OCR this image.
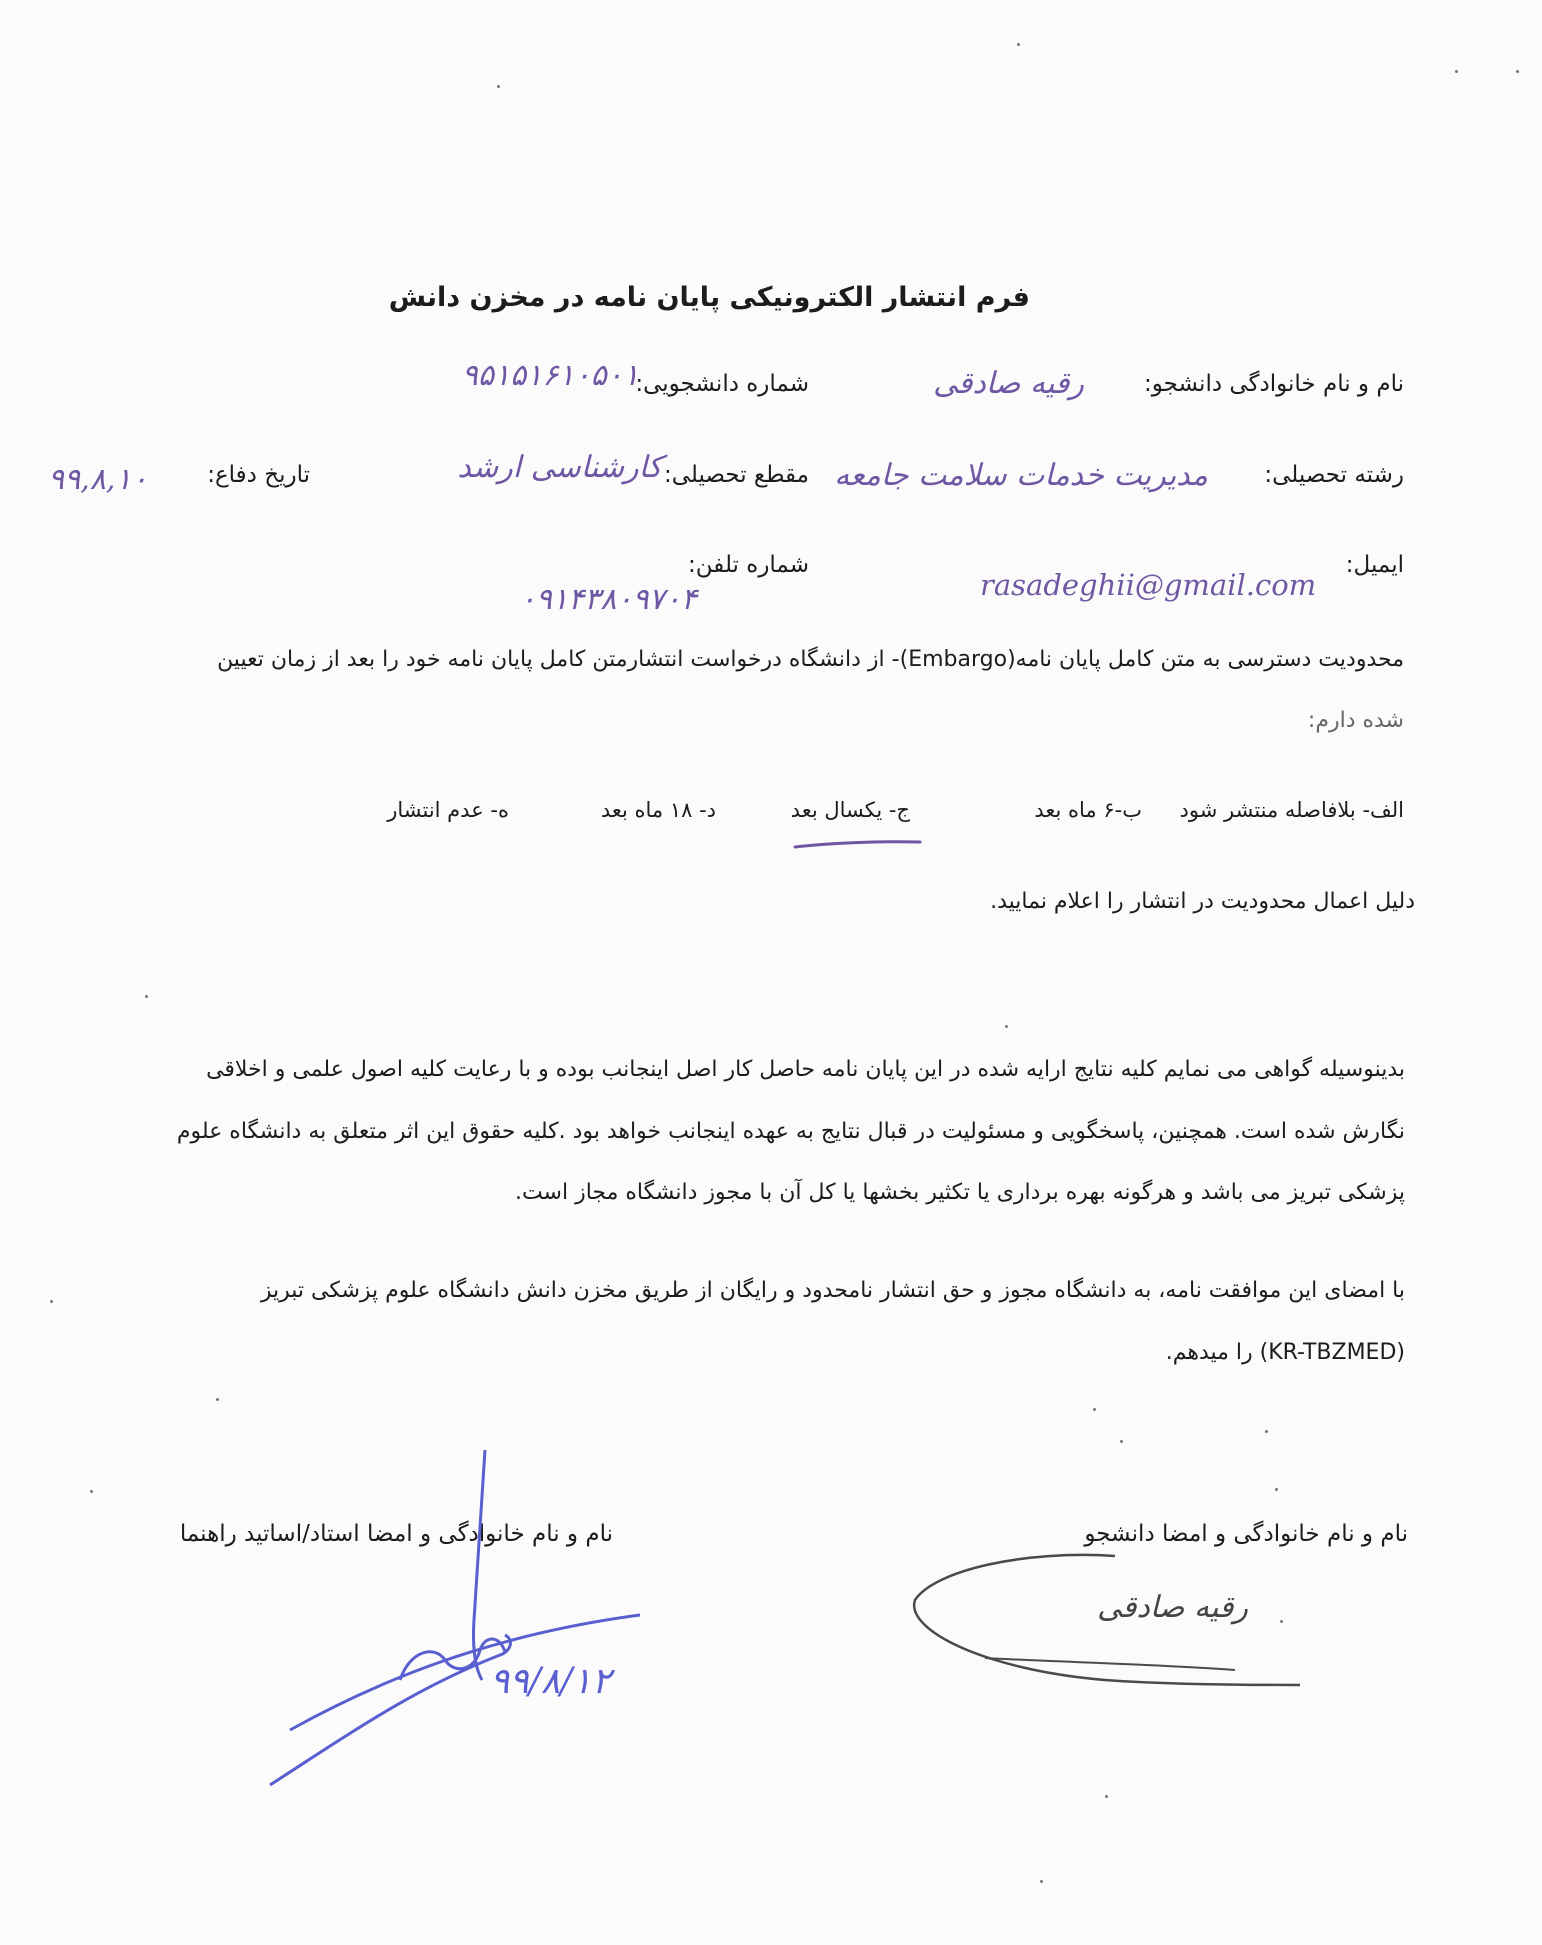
فرم انتشار الکترونیکی پایان نامه در مخزن دانش
نام و نام خانوادگی دانشجو:
رقیه صادقی
شماره دانشجویی:
۹۵۱۵۱۶۱۰۵۰۱
رشته تحصیلی:
مدیریت خدمات سلامت جامعه
مقطع تحصیلی:
کارشناسی ارشد
تاریخ دفاع:
۹۹,۸,۱۰
ایمیل:
rasadeghii@gmail.com
شماره تلفن:
۰۹۱۴۳۸۰۹۷۰۴
محدودیت دسترسی به متن کامل پایان نامه(Embargo)- از دانشگاه درخواست انتشارمتن کامل پایان نامه خود را بعد از زمان تعیین
شده دارم:
الف- بلافاصله منتشر شود
ب-۶ ماه بعد
ج- یکسال بعد
د- ۱۸ ماه بعد
ه- عدم انتشار
دلیل اعمال محدودیت در انتشار را اعلام نمایید.
بدینوسیله گواهی می نمایم کلیه نتایج ارایه شده در این پایان نامه حاصل کار اصل اینجانب بوده و با رعایت کلیه اصول علمی و اخلاقی
نگارش شده است. همچنین، پاسخگویی و مسئولیت در قبال نتایج به عهده اینجانب خواهد بود .کلیه حقوق این اثر متعلق به دانشگاه علوم
پزشکی تبریز می باشد و هرگونه بهره برداری یا تکثیر بخشها یا کل آن با مجوز دانشگاه مجاز است.
با امضای این موافقت نامه، به دانشگاه مجوز و حق انتشار نامحدود و رایگان از طریق مخزن دانش دانشگاه علوم پزشکی تبریز
(KR-TBZMED) را میدهم.
نام و نام خانوادگی و امضا دانشجو
نام و نام خانوادگی و امضا استاد/اساتید راهنما
۹۹/۸/۱۲
رقیه صادقی
